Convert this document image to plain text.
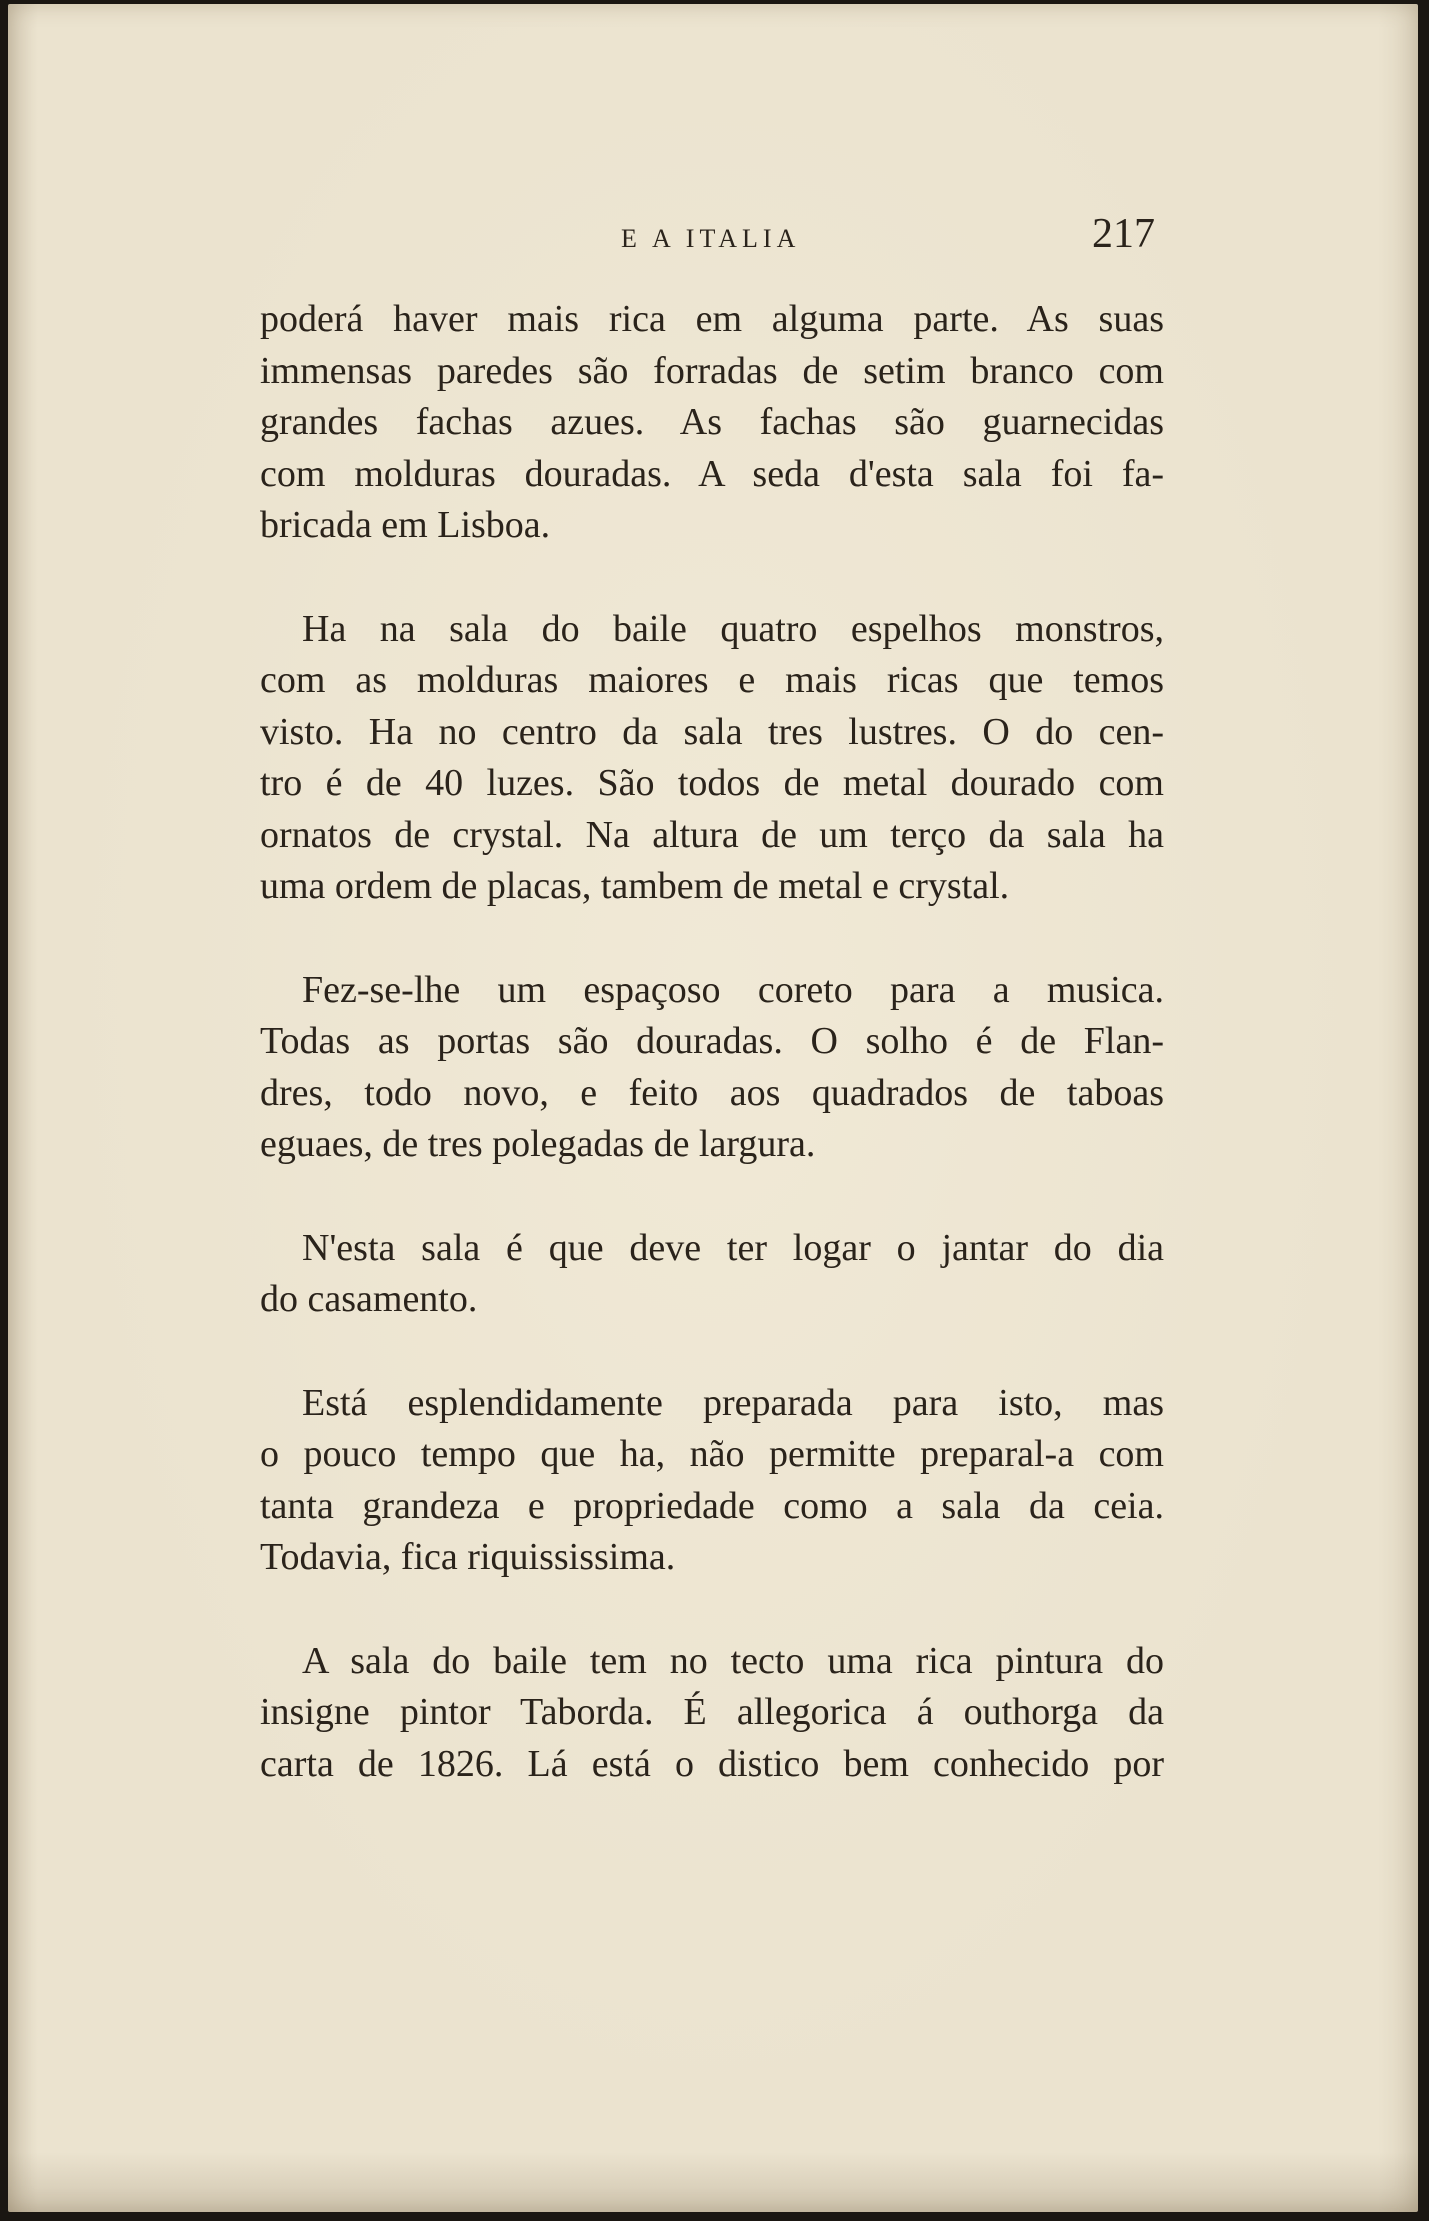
E A ITALIA	217
poderá haver mais rica em alguma parte. As suas
immensas paredes são forradas de setim branco com
grandes fachas azues. As fachas são guarnecidas
com molduras douradas. A seda d'esta sala foi fa-
bricada em Lisboa.
Ha na sala do baile quatro espelhos monstros,
com as molduras maiores e mais ricas que temos
visto. Ha no centro da sala tres lustres. O do cen-
tro é de 40 luzes. São todos de metal dourado com
ornatos de crystal. Na altura de um terço da sala ha
uma ordem de placas, tambem de metal e crystal.
Fez-se-lhe um espaçoso coreto para a musica.
Todas as portas são douradas. O solho é de Flan-
dres, todo novo, e feito aos quadrados de taboas
eguaes, de tres polegadas de largura.
N'esta sala é que deve ter logar o jantar do dia
do casamento.
Está esplendidamente preparada para isto, mas
o pouco tempo que ha, não permitte preparal-a com
tanta grandeza e propriedade como a sala da ceia.
Todavia, fica riquississima.
A sala do baile tem no tecto uma rica pintura do
insigne pintor Taborda. É allegorica á outhorga da
carta de 1826. Lá está o distico bem conhecido por
